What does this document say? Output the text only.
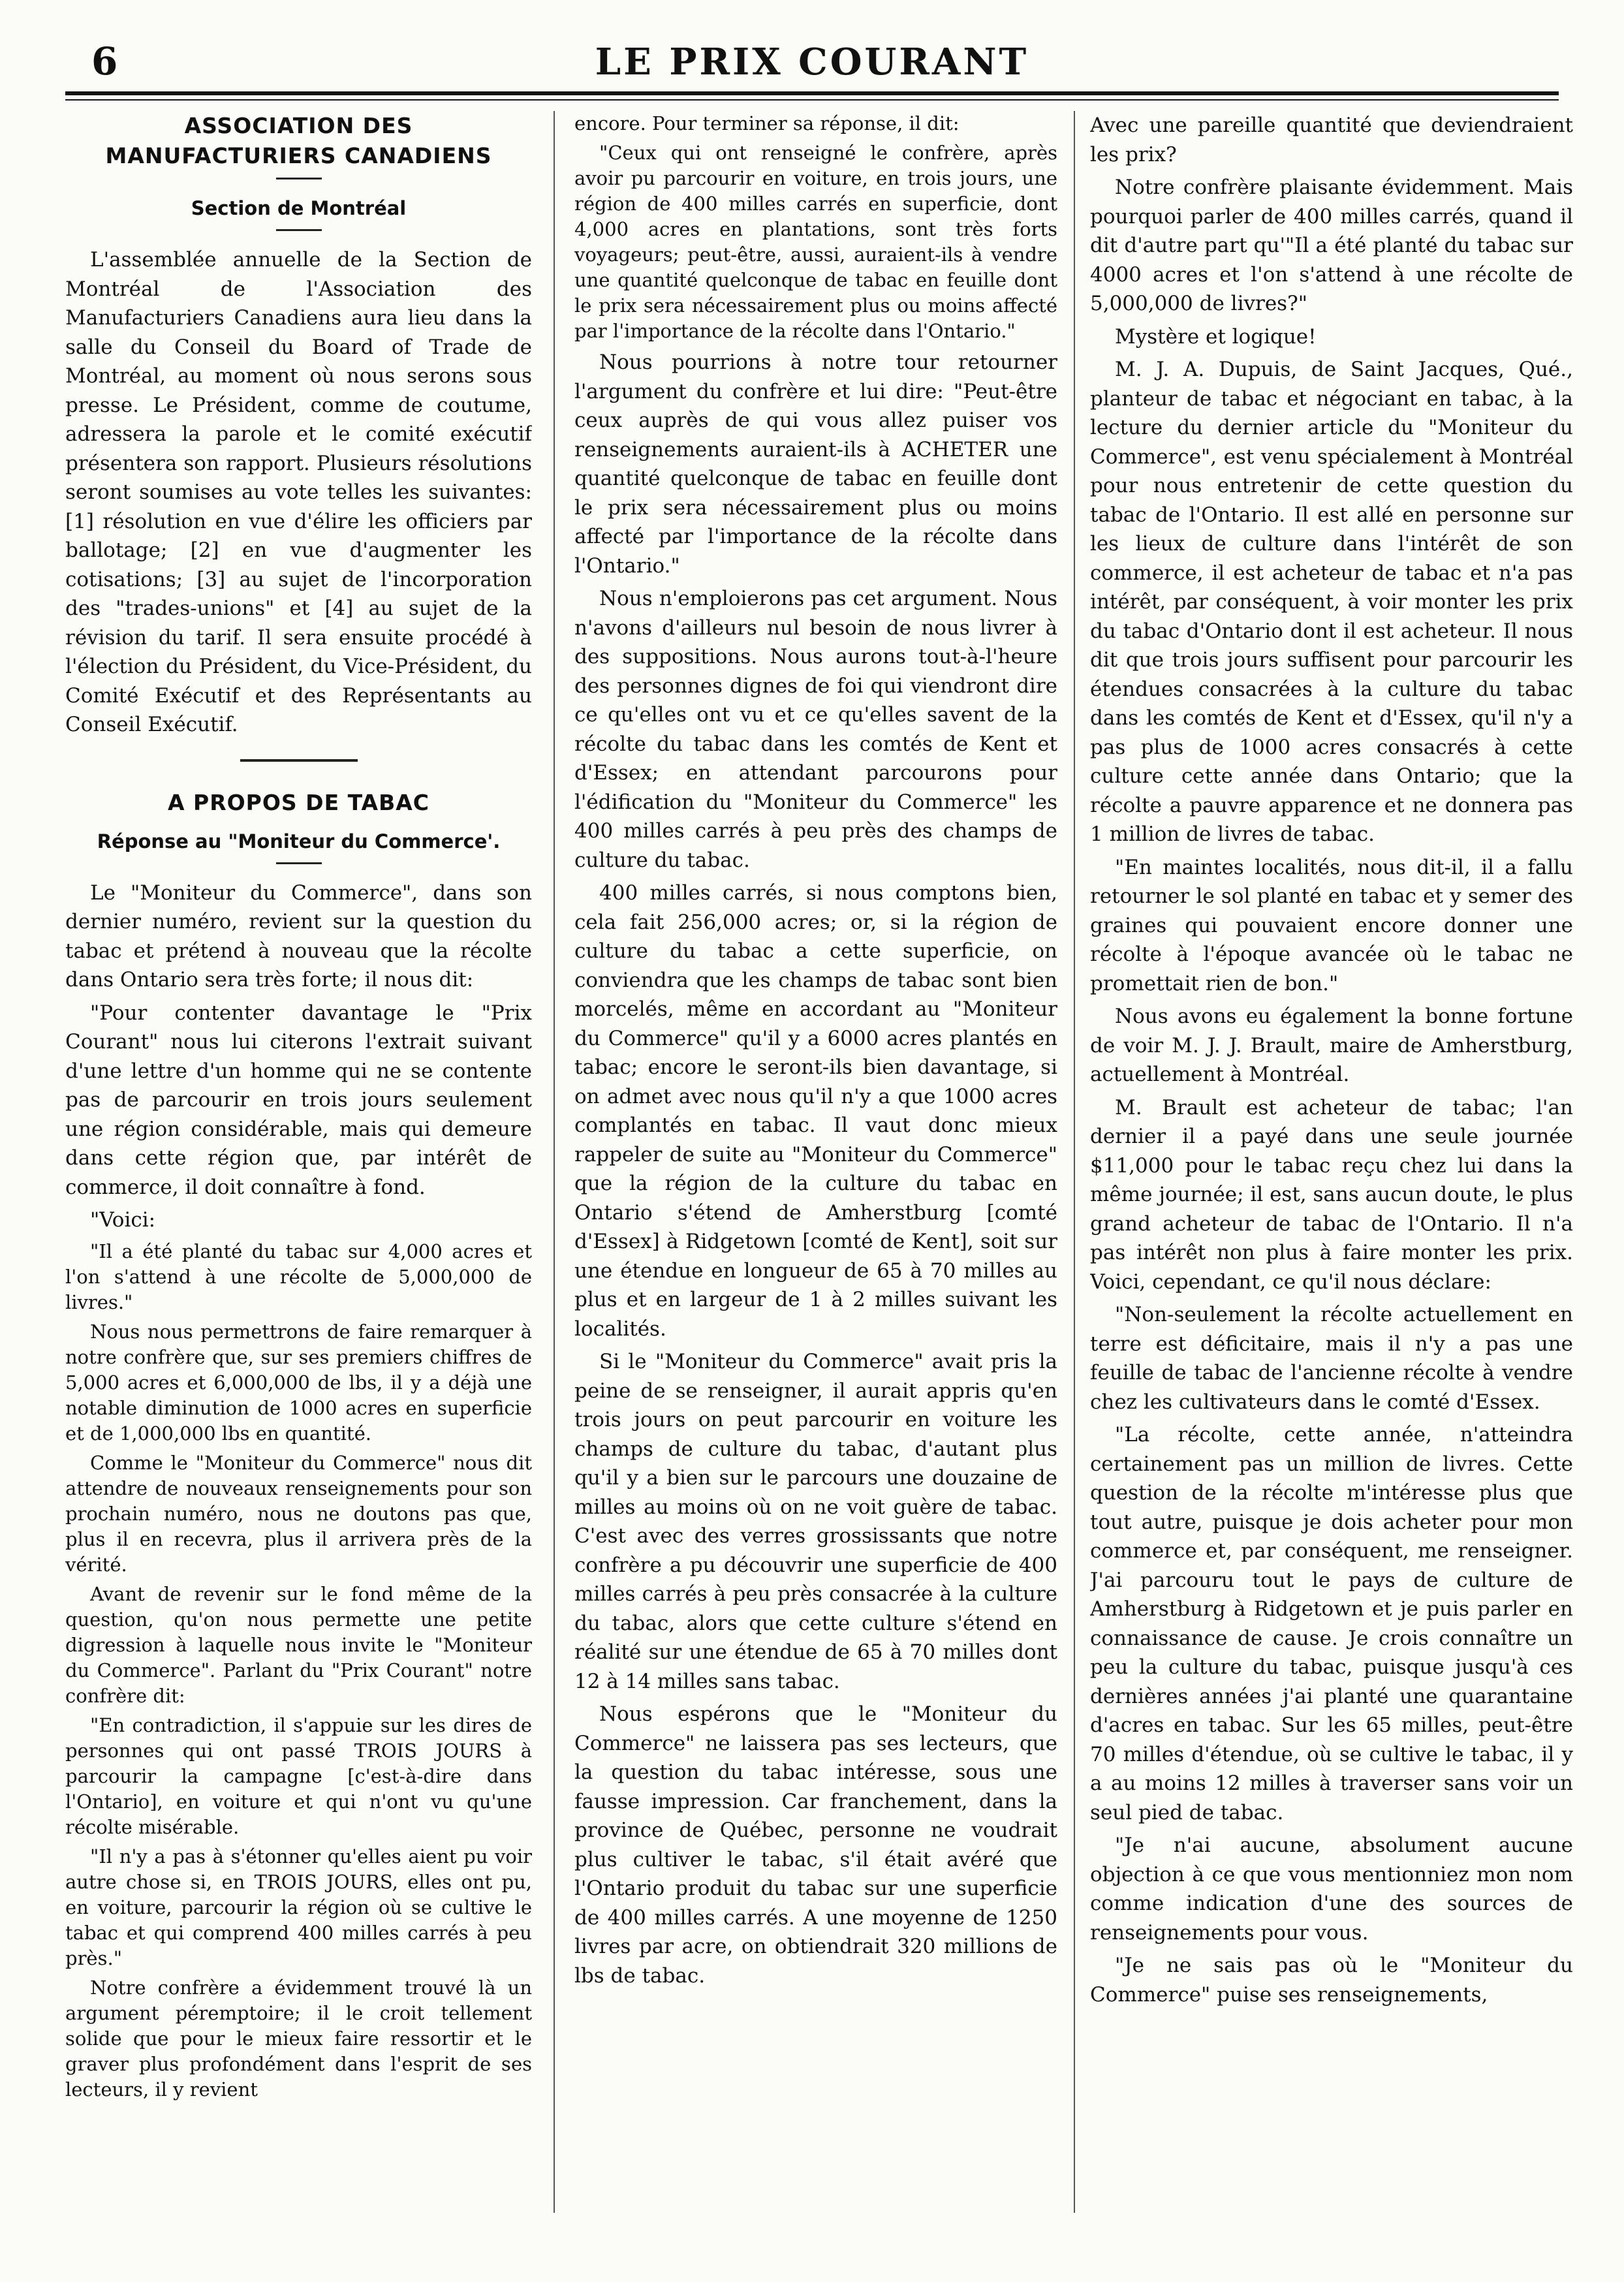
6	LE PRIX COURANT
ASSOCIATION DES MANUFACTURIERS CANADIENS
Section de Montréal

L'assemblée annuelle de la Section de Montréal de l'Association des Manufacturiers Canadiens aura lieu dans la salle du Conseil du Board of Trade de Montréal, au moment où nous serons sous presse. Le Président, comme de coutume, adressera la parole et le comité exécutif présentera son rapport. Plusieurs résolutions seront soumises au vote telles les suivantes: [1] résolution en vue d'élire les officiers par ballotage; [2] en vue d'augmenter les cotisations; [3] au sujet de l'incorporation des "trades-unions" et [4] au sujet de la révision du tarif. Il sera ensuite procédé à l'élection du Président, du Vice-Président, du Comité Exécutif et des Représentants au Conseil Exécutif.

A PROPOS DE TABAC
Réponse au "Moniteur du Commerce'.

Le "Moniteur du Commerce", dans son dernier numéro, revient sur la question du tabac et prétend à nouveau que la récolte dans Ontario sera très forte; il nous dit:

"Pour contenter davantage le "Prix Courant" nous lui citerons l'extrait suivant d'une lettre d'un homme qui ne se contente pas de parcourir en trois jours seulement une région considérable, mais qui demeure dans cette région que, par intérêt de commerce, il doit connaître à fond.

"Voici:

"Il a été planté du tabac sur 4,000 acres et l'on s'attend à une récolte de 5,000,000 de livres."

Nous nous permettrons de faire remarquer à notre confrère que, sur ses premiers chiffres de 5,000 acres et 6,000,000 de lbs, il y a déjà une notable diminution de 1000 acres en superficie et de 1,000,000 lbs en quantité.

Comme le "Moniteur du Commerce" nous dit attendre de nouveaux renseignements pour son prochain numéro, nous ne doutons pas que, plus il en recevra, plus il arrivera près de la vérité.

Avant de revenir sur le fond même de la question, qu'on nous permette une petite digression à laquelle nous invite le "Moniteur du Commerce". Parlant du "Prix Courant" notre confrère dit:

"En contradiction, il s'appuie sur les dires de personnes qui ont passé TROIS JOURS à parcourir la campagne [c'est-à-dire dans l'Ontario], en voiture et qui n'ont vu qu'une récolte misérable.

"Il n'y a pas à s'étonner qu'elles aient pu voir autre chose si, en TROIS JOURS, elles ont pu, en voiture, parcourir la région où se cultive le tabac et qui comprend 400 milles carrés à peu près."

Notre confrère a évidemment trouvé là un argument péremptoire; il le croit tellement solide que pour le mieux faire ressortir et le graver plus profondément dans l'esprit de ses lecteurs, il y revient

encore. Pour terminer sa réponse, il dit:

"Ceux qui ont renseigné le confrère, après avoir pu parcourir en voiture, en trois jours, une région de 400 milles carrés en superficie, dont 4,000 acres en plantations, sont très forts voyageurs; peut-être, aussi, auraient-ils à vendre une quantité quelconque de tabac en feuille dont le prix sera nécessairement plus ou moins affecté par l'importance de la récolte dans l'Ontario."

Nous pourrions à notre tour retourner l'argument du confrère et lui dire: "Peut-être ceux auprès de qui vous allez puiser vos renseignements auraient-ils à ACHETER une quantité quelconque de tabac en feuille dont le prix sera nécessairement plus ou moins affecté par l'importance de la récolte dans l'Ontario."

Nous n'emploierons pas cet argument. Nous n'avons d'ailleurs nul besoin de nous livrer à des suppositions. Nous aurons tout-à-l'heure des personnes dignes de foi qui viendront dire ce qu'elles ont vu et ce qu'elles savent de la récolte du tabac dans les comtés de Kent et d'Essex; en attendant parcourons pour l'édification du "Moniteur du Commerce" les 400 milles carrés à peu près des champs de culture du tabac.

400 milles carrés, si nous comptons bien, cela fait 256,000 acres; or, si la région de culture du tabac a cette superficie, on conviendra que les champs de tabac sont bien morcelés, même en accordant au "Moniteur du Commerce" qu'il y a 6000 acres plantés en tabac; encore le seront-ils bien davantage, si on admet avec nous qu'il n'y a que 1000 acres complantés en tabac. Il vaut donc mieux rappeler de suite au "Moniteur du Commerce" que la région de la culture du tabac en Ontario s'étend de Amherstburg [comté d'Essex] à Ridgetown [comté de Kent], soit sur une étendue en longueur de 65 à 70 milles au plus et en largeur de 1 à 2 milles suivant les localités.

Si le "Moniteur du Commerce" avait pris la peine de se renseigner, il aurait appris qu'en trois jours on peut parcourir en voiture les champs de culture du tabac, d'autant plus qu'il y a bien sur le parcours une douzaine de milles au moins où on ne voit guère de tabac. C'est avec des verres grossissants que notre confrère a pu découvrir une superficie de 400 milles carrés à peu près consacrée à la culture du tabac, alors que cette culture s'étend en réalité sur une étendue de 65 à 70 milles dont 12 à 14 milles sans tabac.

Nous espérons que le "Moniteur du Commerce" ne laissera pas ses lecteurs, que la question du tabac intéresse, sous une fausse impression. Car franchement, dans la province de Québec, personne ne voudrait plus cultiver le tabac, s'il était avéré que l'Ontario produit du tabac sur une superficie de 400 milles carrés. A une moyenne de 1250 livres par acre, on obtiendrait 320 millions de lbs de tabac.

Avec une pareille quantité que deviendraient les prix?

Notre confrère plaisante évidemment. Mais pourquoi parler de 400 milles carrés, quand il dit d'autre part qu'"Il a été planté du tabac sur 4000 acres et l'on s'attend à une récolte de 5,000,000 de livres?"

Mystère et logique!

M. J. A. Dupuis, de Saint Jacques, Qué., planteur de tabac et négociant en tabac, à la lecture du dernier article du "Moniteur du Commerce", est venu spécialement à Montréal pour nous entretenir de cette question du tabac de l'Ontario. Il est allé en personne sur les lieux de culture dans l'intérêt de son commerce, il est acheteur de tabac et n'a pas intérêt, par conséquent, à voir monter les prix du tabac d'Ontario dont il est acheteur. Il nous dit que trois jours suffisent pour parcourir les étendues consacrées à la culture du tabac dans les comtés de Kent et d'Essex, qu'il n'y a pas plus de 1000 acres consacrés à cette culture cette année dans Ontario; que la récolte a pauvre apparence et ne donnera pas 1 million de livres de tabac.

"En maintes localités, nous dit-il, il a fallu retourner le sol planté en tabac et y semer des graines qui pouvaient encore donner une récolte à l'époque avancée où le tabac ne promettait rien de bon."

Nous avons eu également la bonne fortune de voir M. J. J. Brault, maire de Amherstburg, actuellement à Montréal.

M. Brault est acheteur de tabac; l'an dernier il a payé dans une seule journée $11,000 pour le tabac reçu chez lui dans la même journée; il est, sans aucun doute, le plus grand acheteur de tabac de l'Ontario. Il n'a pas intérêt non plus à faire monter les prix. Voici, cependant, ce qu'il nous déclare:

"Non-seulement la récolte actuellement en terre est déficitaire, mais il n'y a pas une feuille de tabac de l'ancienne récolte à vendre chez les cultivateurs dans le comté d'Essex.

"La récolte, cette année, n'atteindra certainement pas un million de livres. Cette question de la récolte m'intéresse plus que tout autre, puisque je dois acheter pour mon commerce et, par conséquent, me renseigner. J'ai parcouru tout le pays de culture de Amherstburg à Ridgetown et je puis parler en connaissance de cause. Je crois connaître un peu la culture du tabac, puisque jusqu'à ces dernières années j'ai planté une quarantaine d'acres en tabac. Sur les 65 milles, peut-être 70 milles d'étendue, où se cultive le tabac, il y a au moins 12 milles à traverser sans voir un seul pied de tabac.

"Je n'ai aucune, absolument aucune objection à ce que vous mentionniez mon nom comme indication d'une des sources de renseignements pour vous.

"Je ne sais pas où le "Moniteur du Commerce" puise ses renseignements,
